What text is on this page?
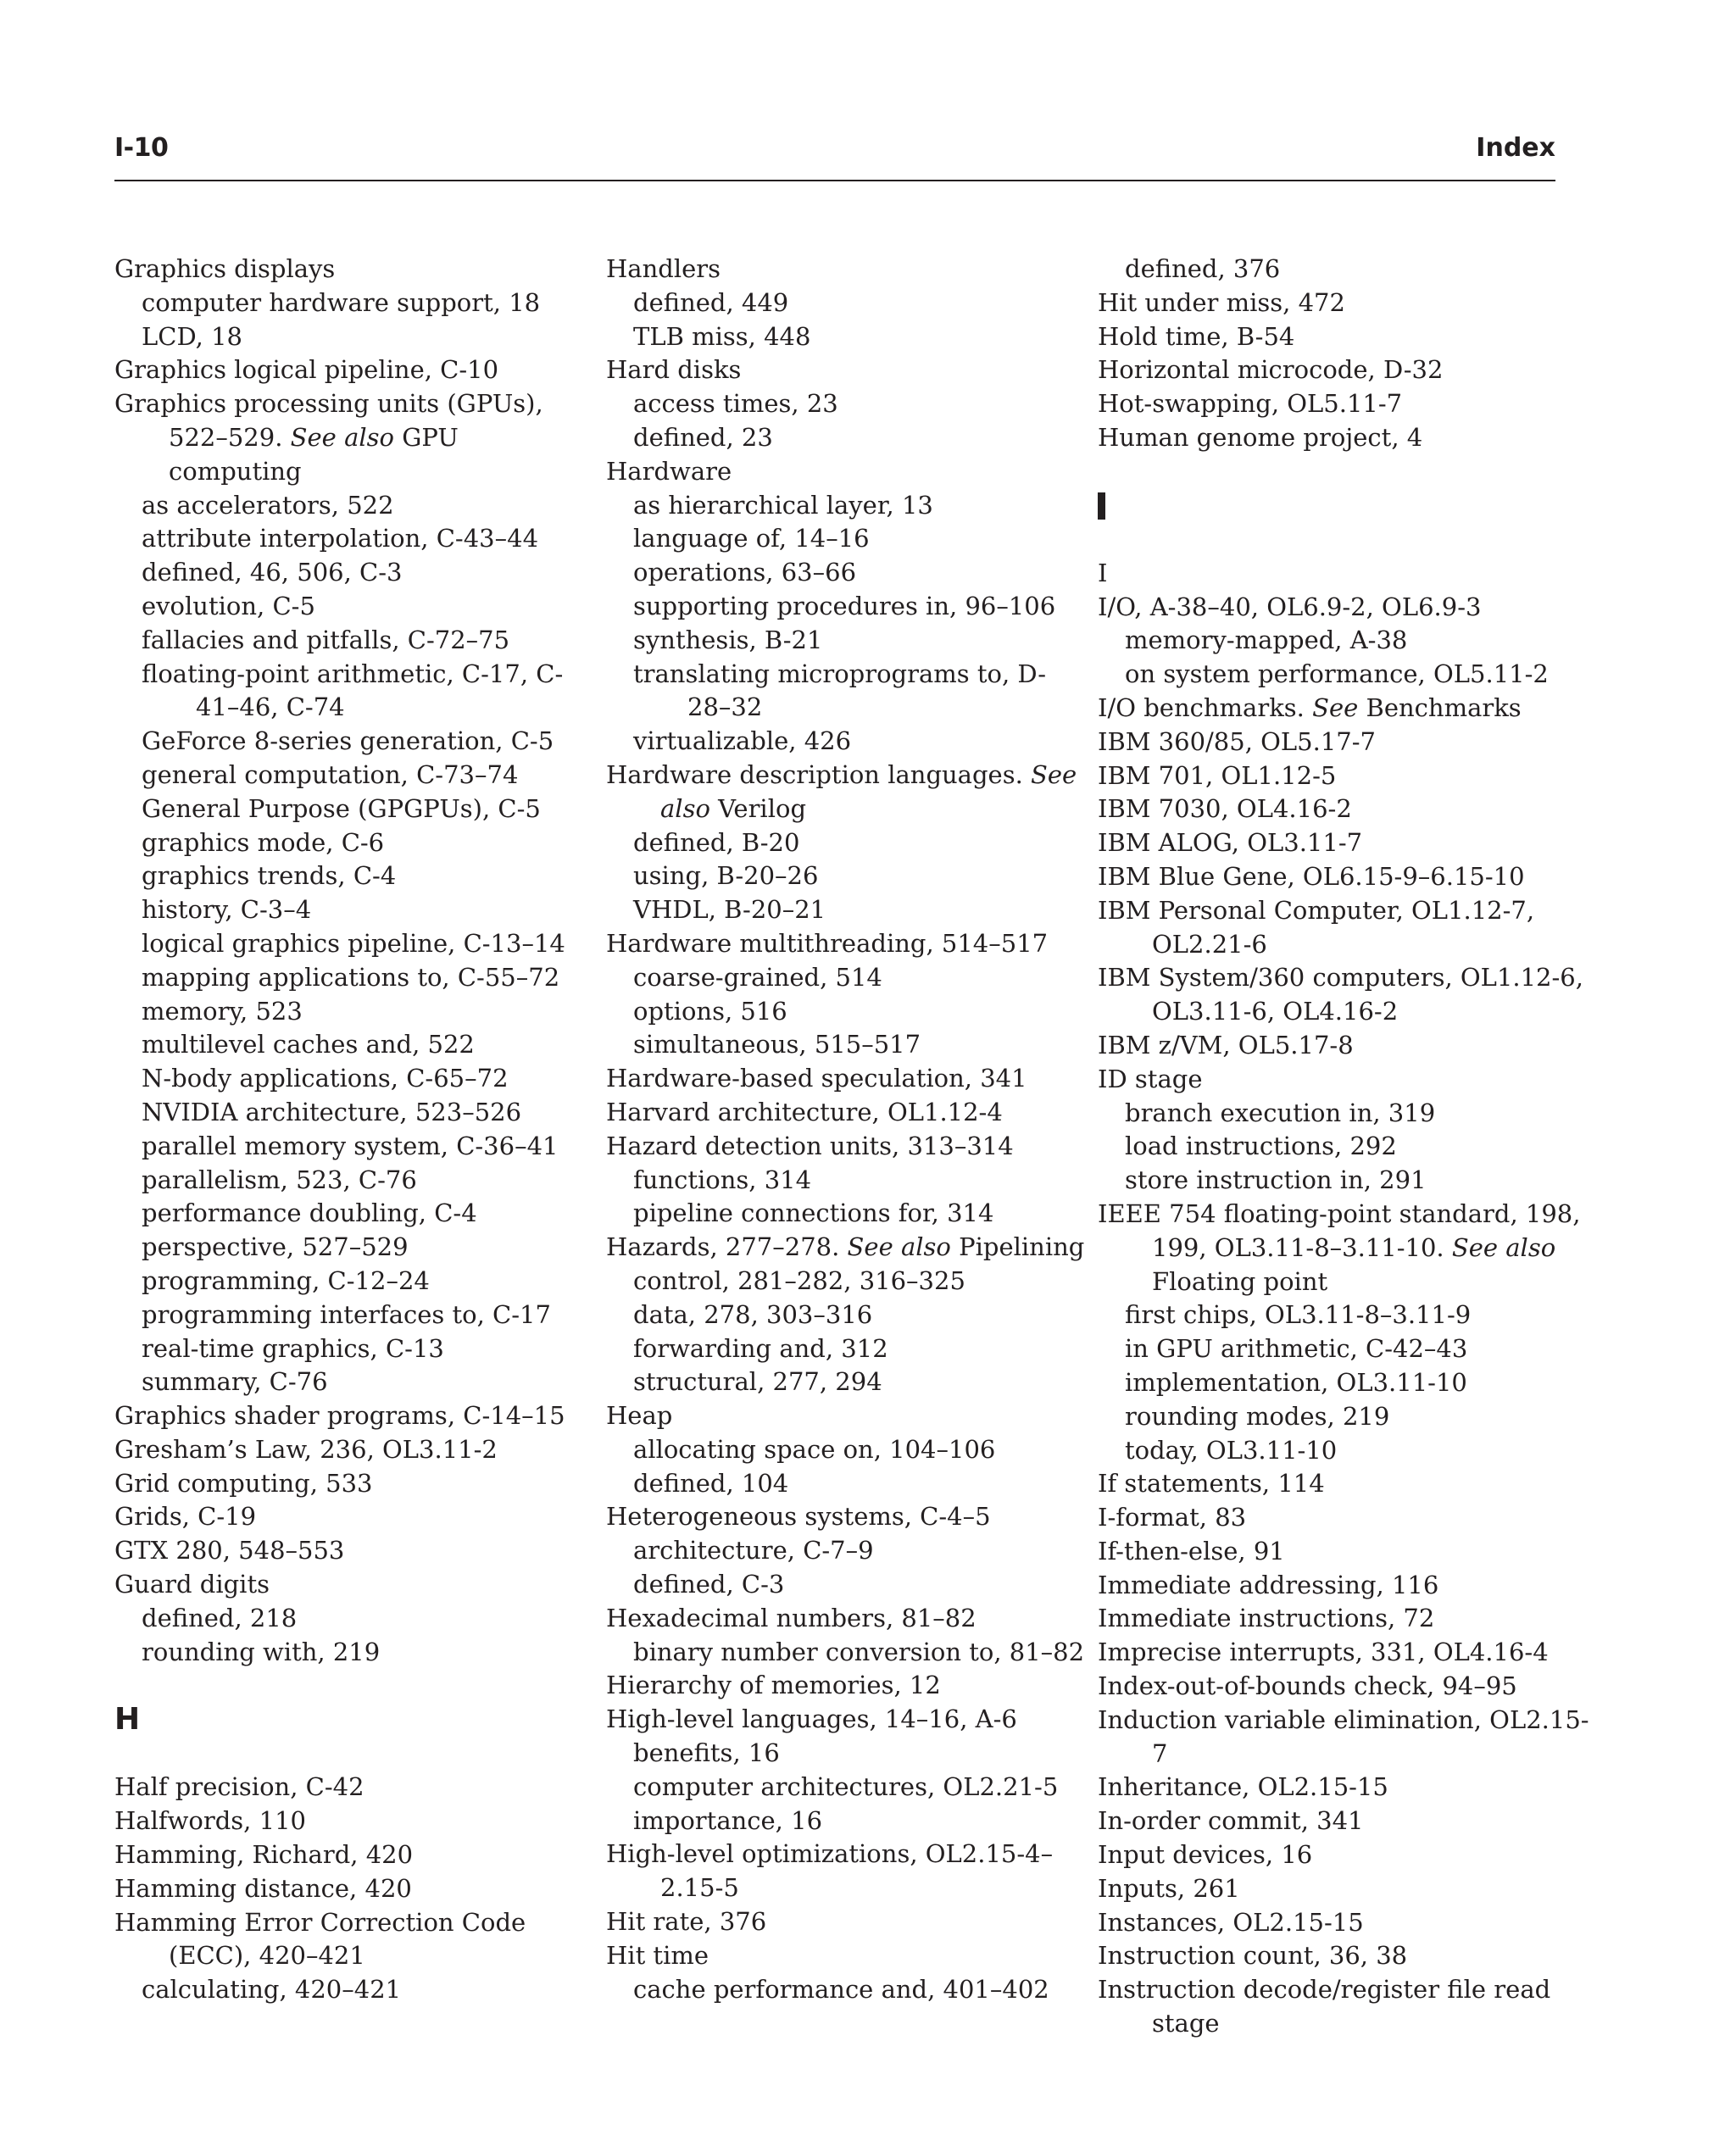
I-10	Index
Graphics displays
computer hardware support, 18
LCD, 18
Graphics logical pipeline, C-10
Graphics processing units (GPUs), 522–529. See also GPU computing
as accelerators, 522
attribute interpolation, C-43–44
defined, 46, 506, C-3
evolution, C-5
fallacies and pitfalls, C-72–75
floating-point arithmetic, C-17, C-41–46, C-74
GeForce 8-series generation, C-5
general computation, C-73–74
General Purpose (GPGPUs), C-5
graphics mode, C-6
graphics trends, C-4
history, C-3–4
logical graphics pipeline, C-13–14
mapping applications to, C-55–72
memory, 523
multilevel caches and, 522
N-body applications, C-65–72
NVIDIA architecture, 523–526
parallel memory system, C-36–41
parallelism, 523, C-76
performance doubling, C-4
perspective, 527–529
programming, C-12–24
programming interfaces to, C-17
real-time graphics, C-13
summary, C-76
Graphics shader programs, C-14–15
Gresham’s Law, 236, OL3.11-2
Grid computing, 533
Grids, C-19
GTX 280, 548–553
Guard digits
defined, 218
rounding with, 219
H
Half precision, C-42
Halfwords, 110
Hamming, Richard, 420
Hamming distance, 420
Hamming Error Correction Code (ECC), 420–421
calculating, 420–421
Handlers
defined, 449
TLB miss, 448
Hard disks
access times, 23
defined, 23
Hardware
as hierarchical layer, 13
language of, 14–16
operations, 63–66
supporting procedures in, 96–106
synthesis, B-21
translating microprograms to, D-28–32
virtualizable, 426
Hardware description languages. See also Verilog
defined, B-20
using, B-20–26
VHDL, B-20–21
Hardware multithreading, 514–517
coarse-grained, 514
options, 516
simultaneous, 515–517
Hardware-based speculation, 341
Harvard architecture, OL1.12-4
Hazard detection units, 313–314
functions, 314
pipeline connections for, 314
Hazards, 277–278. See also Pipelining
control, 281–282, 316–325
data, 278, 303–316
forwarding and, 312
structural, 277, 294
Heap
allocating space on, 104–106
defined, 104
Heterogeneous systems, C-4–5
architecture, C-7–9
defined, C-3
Hexadecimal numbers, 81–82
binary number conversion to, 81–82
Hierarchy of memories, 12
High-level languages, 14–16, A-6
benefits, 16
computer architectures, OL2.21-5
importance, 16
High-level optimizations, OL2.15-4–2.15-5
Hit rate, 376
Hit time
cache performance and, 401–402
defined, 376
Hit under miss, 472
Hold time, B-54
Horizontal microcode, D-32
Hot-swapping, OL5.11-7
Human genome project, 4
I
I/O, A-38–40, OL6.9-2, OL6.9-3
memory-mapped, A-38
on system performance, OL5.11-2
I/O benchmarks. See Benchmarks
IBM 360/85, OL5.17-7
IBM 701, OL1.12-5
IBM 7030, OL4.16-2
IBM ALOG, OL3.11-7
IBM Blue Gene, OL6.15-9–6.15-10
IBM Personal Computer, OL1.12-7, OL2.21-6
IBM System/360 computers, OL1.12-6, OL3.11-6, OL4.16-2
IBM z/VM, OL5.17-8
ID stage
branch execution in, 319
load instructions, 292
store instruction in, 291
IEEE 754 floating-point standard, 198, 199, OL3.11-8–3.11-10. See also Floating point
first chips, OL3.11-8–3.11-9
in GPU arithmetic, C-42–43
implementation, OL3.11-10
rounding modes, 219
today, OL3.11-10
If statements, 114
I-format, 83
If-then-else, 91
Immediate addressing, 116
Immediate instructions, 72
Imprecise interrupts, 331, OL4.16-4
Index-out-of-bounds check, 94–95
Induction variable elimination, OL2.15-7
Inheritance, OL2.15-15
In-order commit, 341
Input devices, 16
Inputs, 261
Instances, OL2.15-15
Instruction count, 36, 38
Instruction decode/register file read stage
